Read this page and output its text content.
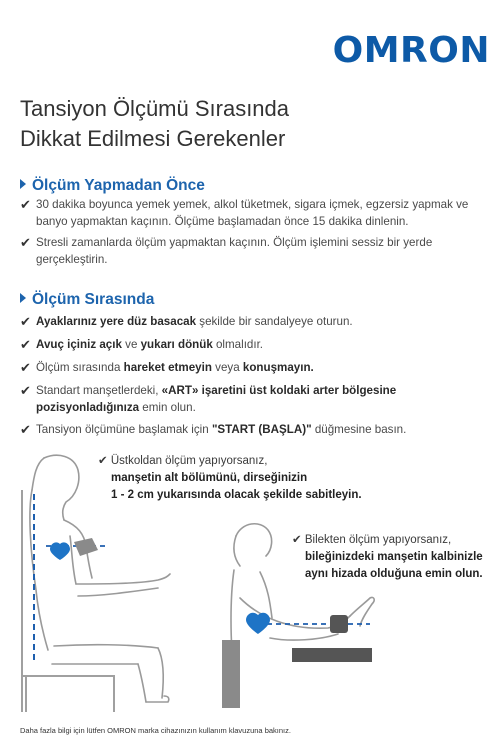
OMRON
Tansiyon Ölçümü Sırasında
Dikkat Edilmesi Gerekenler
Ölçüm Yapmadan Önce
✔ 30 dakika boyunca yemek yemek, alkol tüketmek, sigara içmek, egzersiz yapmak ve banyo yapmaktan kaçının. Ölçüme başlamadan önce 15 dakika dinlenin.
✔ Stresli zamanlarda ölçüm yapmaktan kaçının. Ölçüm işlemini sessiz bir yerde gerçekleştirin.
Ölçüm Sırasında
✔ Ayaklarınız yere düz basacak şekilde bir sandalyeye oturun.
✔ Avuç içiniz açık ve yukarı dönük olmalıdır.
✔ Ölçüm sırasında hareket etmeyin veya konuşmayın.
✔ Standart manşetlerdeki, «ART» işaretini üst koldaki arter bölgesine pozisyonladığınıza emin olun.
✔ Tansiyon ölçümüne başlamak için "START (BAŞLA)" düğmesine basın.
✔ Üstkoldan ölçüm yapıyorsanız,
manşetin alt bölümünü, dirseğinizin
1 - 2 cm yukarısında olacak şekilde sabitleyin.
✔ Bilekten ölçüm yapıyorsanız,
bileğinizdeki manşetin kalbinizle
aynı hizada olduğuna emin olun.
Daha fazla bilgi için lütfen OMRON marka cihazınızın kullanım klavuzuna bakınız.
